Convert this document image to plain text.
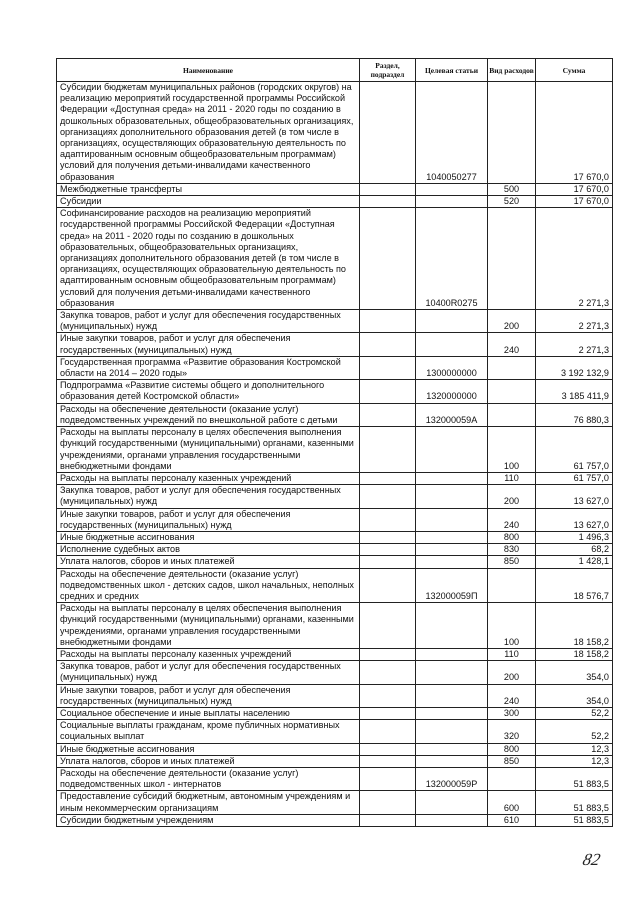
Наименование	Раздел, подраздел	Целевая статьи	Вид расходов	Сумма
Субсидии бюджетам муниципальных районов (городских округов) на реализацию мероприятий государственной программы Российской Федерации «Доступная среда» на 2011 - 2020 годы по созданию в дошкольных образовательных, общеобразовательных организациях, организациях дополнительного образования детей (в том числе в организациях, осуществляющих образовательную деятельность по адаптированным основным общеобразовательным программам) условий для получения детьми-инвалидами качественного образования		1040050277		17 670,0
Межбюджетные трансферты			500	17 670,0
Субсидии			520	17 670,0
Софинансирование расходов на реализацию мероприятий государственной программы Российской Федерации «Доступная среда» на 2011 - 2020 годы по созданию в дошкольных образовательных, общеобразовательных организациях, организациях дополнительного образования детей (в том числе в организациях, осуществляющих образовательную деятельность по адаптированным основным общеобразовательным программам) условий для получения детьми-инвалидами качественного образования		10400R0275		2 271,3
Закупка товаров, работ и услуг для обеспечения государственных (муниципальных) нужд			200	2 271,3
Иные закупки товаров, работ и услуг для обеспечения государственных (муниципальных) нужд			240	2 271,3
Государственная программа «Развитие образования Костромской области на 2014 – 2020 годы»		1300000000		3 192 132,9
Подпрограмма «Развитие системы общего и дополнительного образования детей Костромской области»		1320000000		3 185 411,9
Расходы на обеспечение деятельности (оказание услуг) подведомственных учреждений по внешкольной работе с детьми		132000059А		76 880,3
Расходы на выплаты персоналу в целях обеспечения выполнения функций государственными (муниципальными) органами, казенными учреждениями, органами управления государственными внебюджетными фондами			100	61 757,0
Расходы на выплаты персоналу казенных учреждений			110	61 757,0
Закупка товаров, работ и услуг для обеспечения государственных (муниципальных) нужд			200	13 627,0
Иные закупки товаров, работ и услуг для обеспечения государственных (муниципальных) нужд			240	13 627,0
Иные бюджетные ассигнования			800	1 496,3
Исполнение судебных актов			830	68,2
Уплата налогов, сборов и иных платежей			850	1 428,1
Расходы на обеспечение деятельности (оказание услуг) подведомственных школ - детских садов, школ начальных, неполных средних и средних		132000059П		18 576,7
Расходы на выплаты персоналу в целях обеспечения выполнения функций государственными (муниципальными) органами, казенными учреждениями, органами управления государственными внебюджетными фондами			100	18 158,2
Расходы на выплаты персоналу казенных учреждений			110	18 158,2
Закупка товаров, работ и услуг для обеспечения государственных (муниципальных) нужд			200	354,0
Иные закупки товаров, работ и услуг для обеспечения государственных (муниципальных) нужд			240	354,0
Социальное обеспечение и иные выплаты населению			300	52,2
Социальные выплаты гражданам, кроме публичных нормативных социальных выплат			320	52,2
Иные бюджетные ассигнования			800	12,3
Уплата налогов, сборов и иных платежей			850	12,3
Расходы на обеспечение деятельности (оказание услуг) подведомственных школ - интернатов		132000059Р		51 883,5
Предоставление субсидий бюджетным, автономным учреждениям и иным некоммерческим организациям			600	51 883,5
Субсидии бюджетным учреждениям			610	51 883,5
82
